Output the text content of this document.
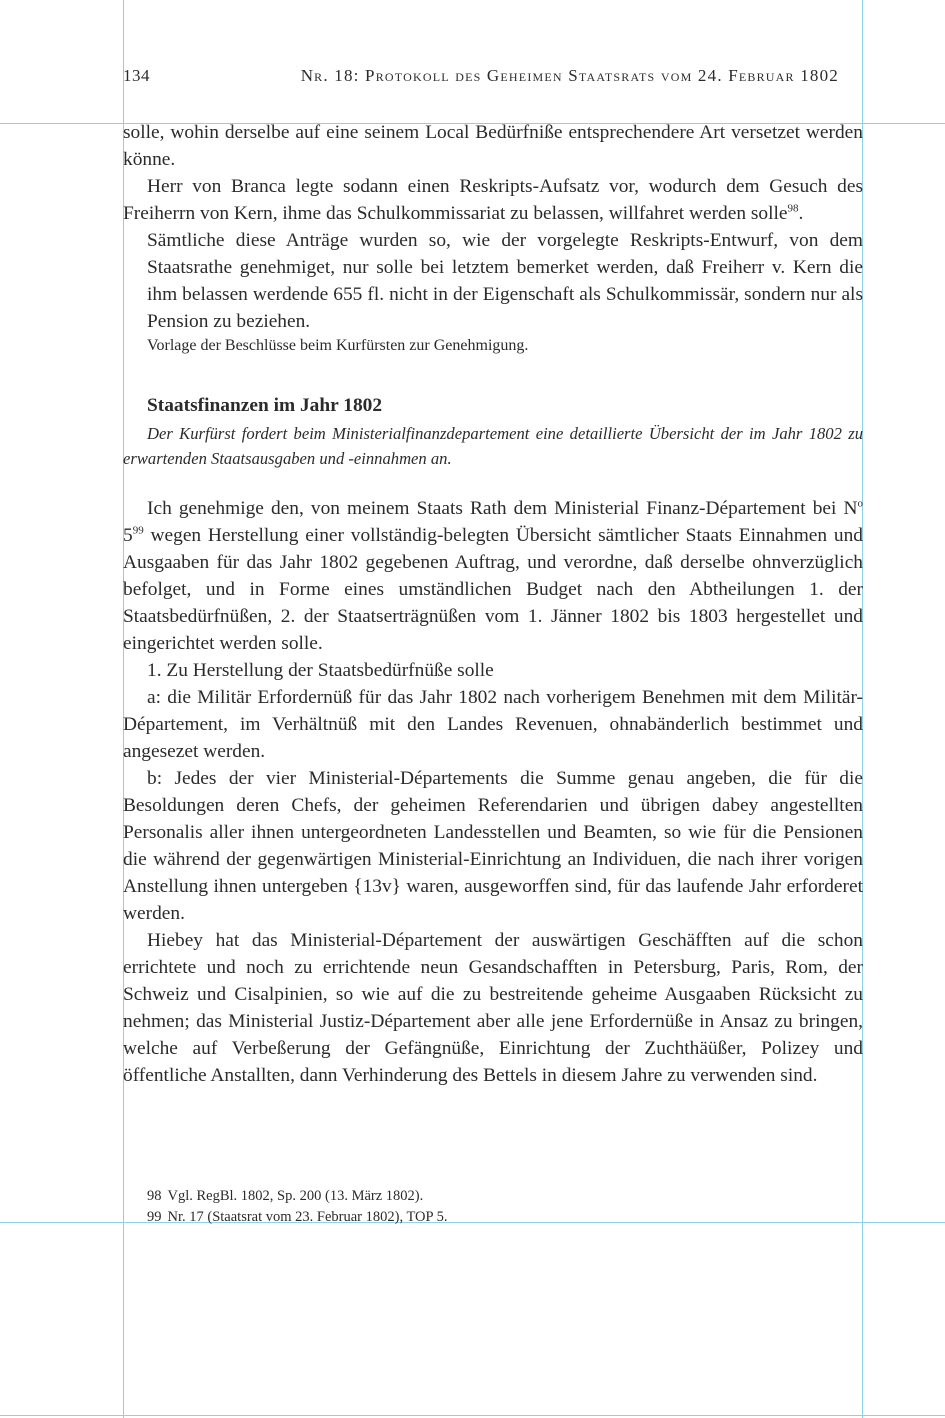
134	Nr. 18: Protokoll des Geheimen Staatsrats vom 24. Februar 1802

solle, wohin derselbe auf eine seinem Local Bedürfniße entsprechendere Art versetzet werden könne.

Herr von Branca legte sodann einen Reskripts-Aufsatz vor, wodurch dem Gesuch des Freiherrn von Kern, ihme das Schulkommissariat zu belassen, willfahret werden solle$^{98}$.

Sämtliche diese Anträge wurden so, wie der vorgelegte Reskripts-Entwurf, von dem Staatsrathe genehmiget, nur solle bei letztem bemerket werden, daß Freiherr v. Kern die ihm belassen werdende 655 fl. nicht in der Eigenschaft als Schulkommissär, sondern nur als Pension zu beziehen.

Vorlage der Beschlüsse beim Kurfürsten zur Genehmigung.

Staatsfinanzen im Jahr 1802

Der Kurfürst fordert beim Ministerialfinanzdepartement eine detaillierte Übersicht der im Jahr 1802 zu erwartenden Staatsausgaben und -einnahmen an.

Ich genehmige den, von meinem Staats Rath dem Ministerial Finanz-Département bei $N^o$ $5^{99}$ wegen Herstellung einer vollständig-belegten Übersicht sämtlicher Staats Einnahmen und Ausgaaben für das Jahr 1802 gegebenen Auftrag, und verordne, daß derselbe ohnverzüglich befolget, und in Forme eines umständlichen Budget nach den Abtheilungen 1. der Staatsbedürfnüßen, 2. der Staatserträgnüßen vom 1. Jänner 1802 bis 1803 hergestellet und eingerichtet werden solle.

1. Zu Herstellung der Staatsbedürfnüße solle

a: die Militär Erfordernüß für das Jahr 1802 nach vorherigem Benehmen mit dem Militär-Département, im Verhältnüß mit den Landes Revenuen, ohnabänderlich bestimmet und angesezet werden.

b: Jedes der vier Ministerial-Départements die Summe genau angeben, die für die Besoldungen deren Chefs, der geheimen Referendarien und übrigen dabey angestellten Personalis aller ihnen untergeordneten Landesstellen und Beamten, so wie für die Pensionen die während der gegenwärtigen Ministerial-Einrichtung an Individuen, die nach ihrer vorigen Anstellung ihnen untergeben {13v} waren, ausgeworffen sind, für das laufende Jahr erforderet werden.

Hiebey hat das Ministerial-Département der auswärtigen Geschäfften auf die schon errichtete und noch zu errichtende neun Gesandschafften in Petersburg, Paris, Rom, der Schweiz und Cisalpinien, so wie auf die zu bestreitende geheime Ausgaaben Rücksicht zu nehmen; das Ministerial Justiz-Département aber alle jene Erfordernüße in Ansaz zu bringen, welche auf Verbeßerung der Gefängnüße, Einrichtung der Zuchthäüßer, Polizey und öffentliche Anstallten, dann Verhinderung des Bettels in diesem Jahre zu verwenden sind.

98 Vgl. RegBl. 1802, Sp. 200 (13. März 1802).
99 Nr. 17 (Staatsrat vom 23. Februar 1802), TOP 5.
